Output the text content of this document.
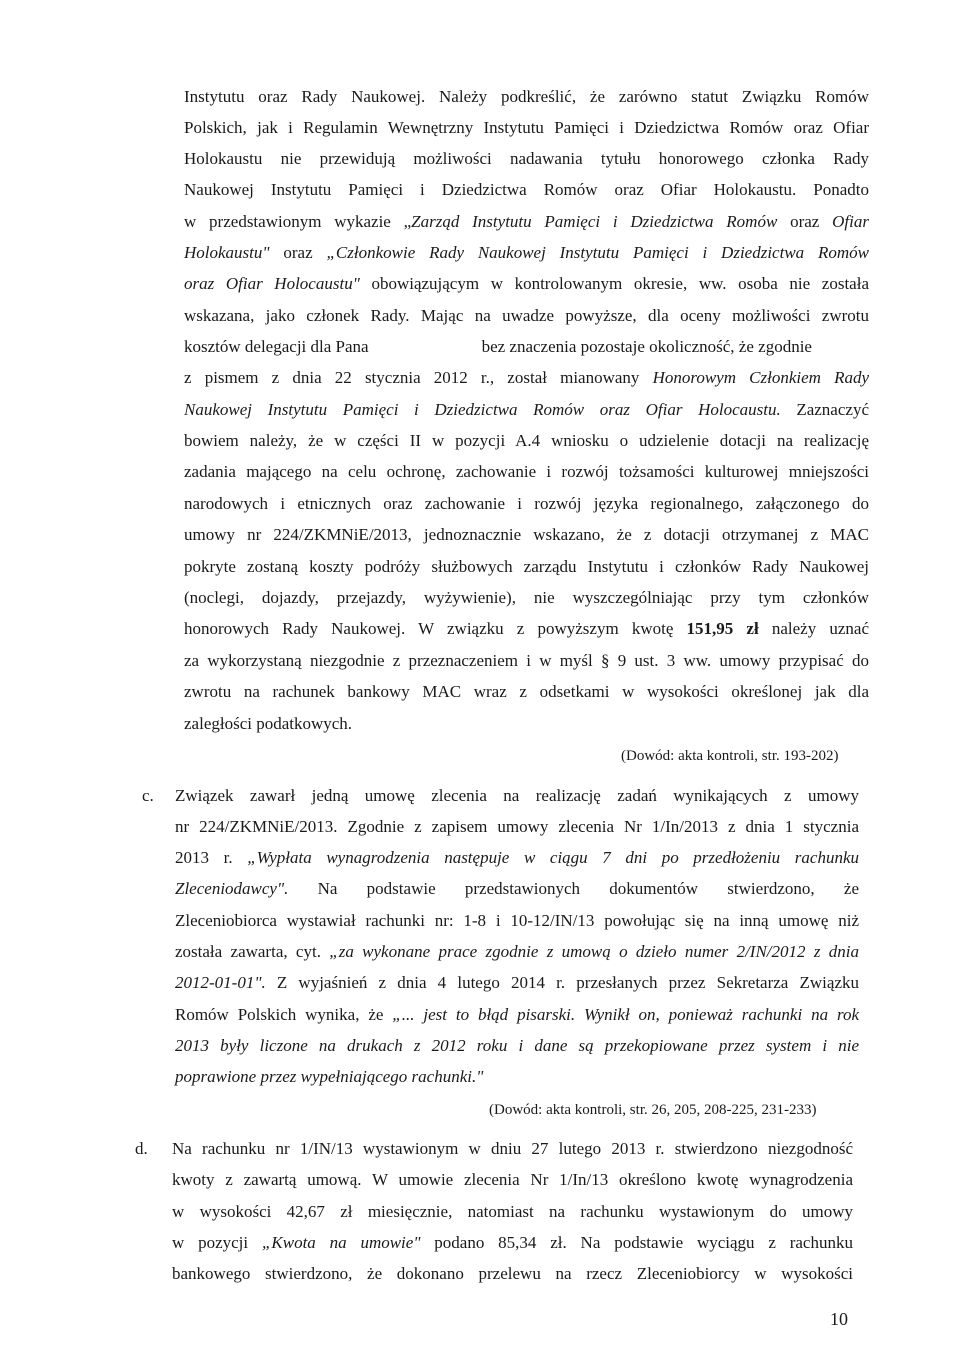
Instytutu oraz Rady Naukowej. Należy podkreślić, że zarówno statut Związku Romów
Polskich, jak i Regulamin Wewnętrzny Instytutu Pamięci i Dziedzictwa Romów oraz Ofiar
Holokaustu nie przewidują możliwości nadawania tytułu honorowego członka Rady
Naukowej Instytutu Pamięci i Dziedzictwa Romów oraz Ofiar Holokaustu. Ponadto
w przedstawionym wykazie „Zarząd Instytutu Pamięci i Dziedzictwa Romów oraz Ofiar
Holokaustu" oraz „Członkowie Rady Naukowej Instytutu Pamięci i Dziedzictwa Romów
oraz Ofiar Holocaustu" obowiązującym w kontrolowanym okresie, ww. osoba nie została
wskazana, jako członek Rady. Mając na uwadze powyższe, dla oceny możliwości zwrotu
kosztów delegacji dla Pana	bez znaczenia pozostaje okoliczność, że zgodnie
z pismem z dnia 22 stycznia 2012 r., został mianowany Honorowym Członkiem Rady
Naukowej Instytutu Pamięci i Dziedzictwa Romów oraz Ofiar Holocaustu. Zaznaczyć
bowiem należy, że w części II w pozycji A.4 wniosku o udzielenie dotacji na realizację
zadania mającego na celu ochronę, zachowanie i rozwój tożsamości kulturowej mniejszości
narodowych i etnicznych oraz zachowanie i rozwój języka regionalnego, załączonego do
umowy nr 224/ZKMNiE/2013, jednoznacznie wskazano, że z dotacji otrzymanej z MAC
pokryte zostaną koszty podróży służbowych zarządu Instytutu i członków Rady Naukowej
(noclegi, dojazdy, przejazdy, wyżywienie), nie wyszczególniając przy tym członków
honorowych Rady Naukowej. W związku z powyższym kwotę 151,95 zł należy uznać
za wykorzystaną niezgodnie z przeznaczeniem i w myśl § 9 ust. 3 ww. umowy przypisać do
zwrotu na rachunek bankowy MAC wraz z odsetkami w wysokości określonej jak dla
zaległości podatkowych.
(Dowód: akta kontroli, str. 193-202)
c. Związek zawarł jedną umowę zlecenia na realizację zadań wynikających z umowy
nr 224/ZKMNiE/2013. Zgodnie z zapisem umowy zlecenia Nr 1/In/2013 z dnia 1 stycznia
2013 r. „Wypłata wynagrodzenia następuje w ciągu 7 dni po przedłożeniu rachunku
Zleceniodawcy". Na podstawie przedstawionych dokumentów stwierdzono, że
Zleceniobiorca wystawiał rachunki nr: 1-8 i 10-12/IN/13 powołując się na inną umowę niż
została zawarta, cyt. „za wykonane prace zgodnie z umową o dzieło numer 2/IN/2012 z dnia
2012-01-01". Z wyjaśnień z dnia 4 lutego 2014 r. przesłanych przez Sekretarza Związku
Romów Polskich wynika, że „... jest to błąd pisarski. Wynikł on, ponieważ rachunki na rok
2013 były liczone na drukach z 2012 roku i dane są przekopiowane przez system i nie
poprawione przez wypełniającego rachunki."
(Dowód: akta kontroli, str. 26, 205, 208-225, 231-233)
d. Na rachunku nr 1/IN/13 wystawionym w dniu 27 lutego 2013 r. stwierdzono niezgodność
kwoty z zawartą umową. W umowie zlecenia Nr 1/In/13 określono kwotę wynagrodzenia
w wysokości 42,67 zł miesięcznie, natomiast na rachunku wystawionym do umowy
w pozycji „Kwota na umowie" podano 85,34 zł. Na podstawie wyciągu z rachunku
bankowego stwierdzono, że dokonano przelewu na rzecz Zleceniobiorcy w wysokości
10
